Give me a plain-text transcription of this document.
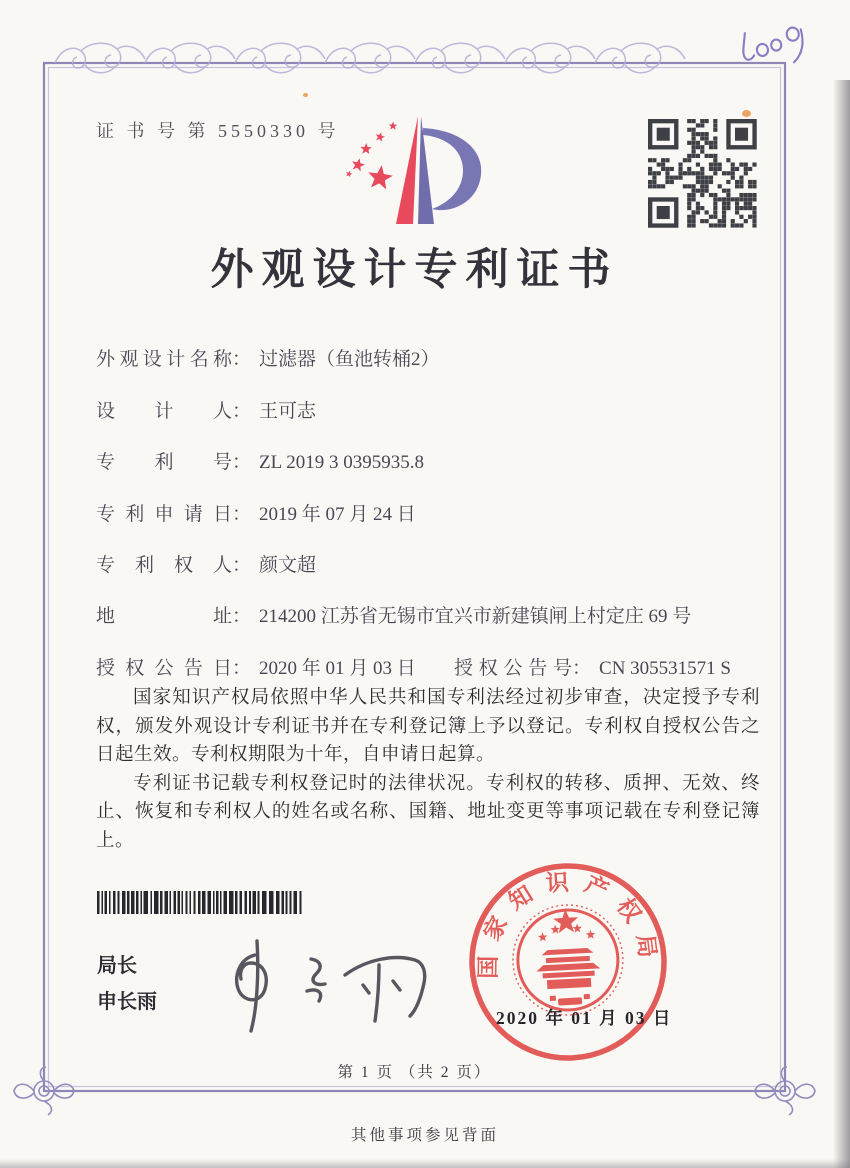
证 书 号 第 5550330 号
外观设计专利证书
外观设计名称： 过滤器（鱼池转桶2）
设计人： 王可志
专利号： ZL 2019 3 0395935.8
专利申请日： 2019 年 07 月 24 日
专利权人： 颜文超
地址： 214200 江苏省无锡市宜兴市新建镇闸上村定庄 69 号
授权公告日： 2020 年 01 月 03 日 授权公告号： CN 305531571 S

国家知识产权局依照中华人民共和国专利法经过初步审查，决定授予专利权，颁发外观设计专利证书并在专利登记簿上予以登记。专利权自授权公告之日起生效。专利权期限为十年，自申请日起算。

专利证书记载专利权登记时的法律状况。专利权的转移、质押、无效、终止、恢复和专利权人的姓名或名称、国籍、地址变更等事项记载在专利登记簿上。

局长
申长雨
国家知识产权局
2020 年 01 月 03 日
第 1 页 （共 2 页）
其他事项参见背面
